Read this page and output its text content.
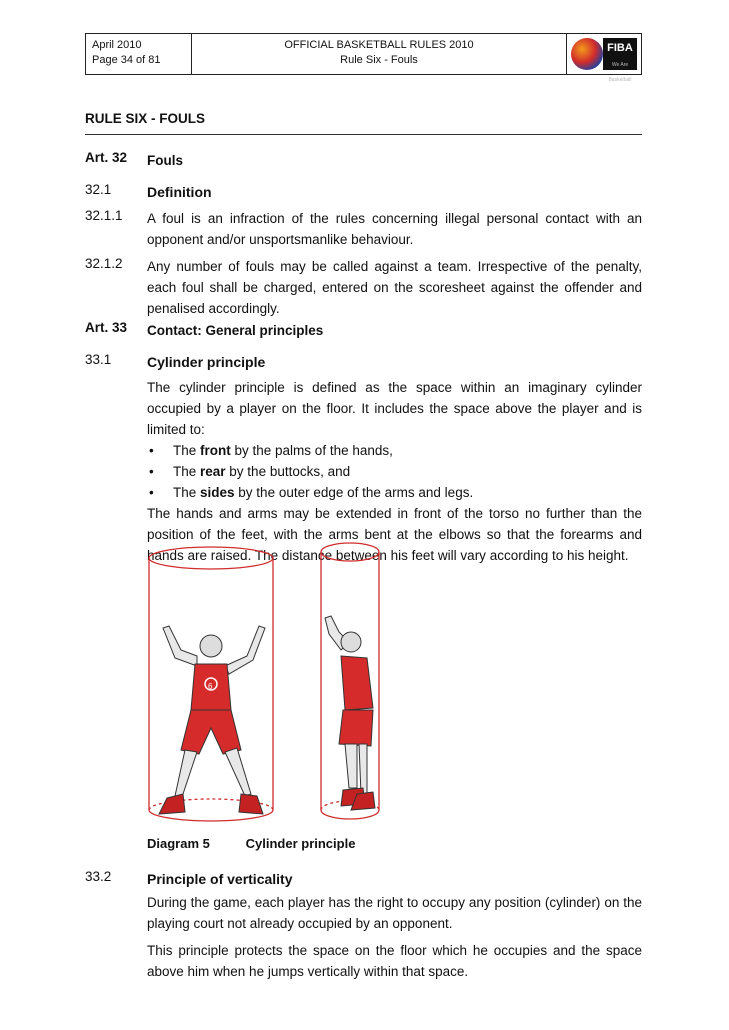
April 2010
Page 34 of 81
OFFICIAL BASKETBALL RULES 2010
Rule Six - Fouls
FIBA
We Are Basketball
RULE SIX - FOULS
Art. 32	Fouls
32.1	Definition
32.1.1	A foul is an infraction of the rules concerning illegal personal contact with an opponent and/or unsportsmanlike behaviour.
32.1.2	Any number of fouls may be called against a team. Irrespective of the penalty, each foul shall be charged, entered on the scoresheet against the offender and penalised accordingly.
Art. 33	Contact: General principles
33.1	Cylinder principle
The cylinder principle is defined as the space within an imaginary cylinder occupied by a player on the floor. It includes the space above the player and is limited to:
• The front by the palms of the hands,
• The rear by the buttocks, and
• The sides by the outer edge of the arms and legs.
The hands and arms may be extended in front of the torso no further than the position of the feet, with the arms bent at the elbows so that the forearms and hands are raised. The distance between his feet will vary according to his height.
6
Diagram 5	Cylinder principle
33.2	Principle of verticality
During the game, each player has the right to occupy any position (cylinder) on the playing court not already occupied by an opponent.
This principle protects the space on the floor which he occupies and the space above him when he jumps vertically within that space.
